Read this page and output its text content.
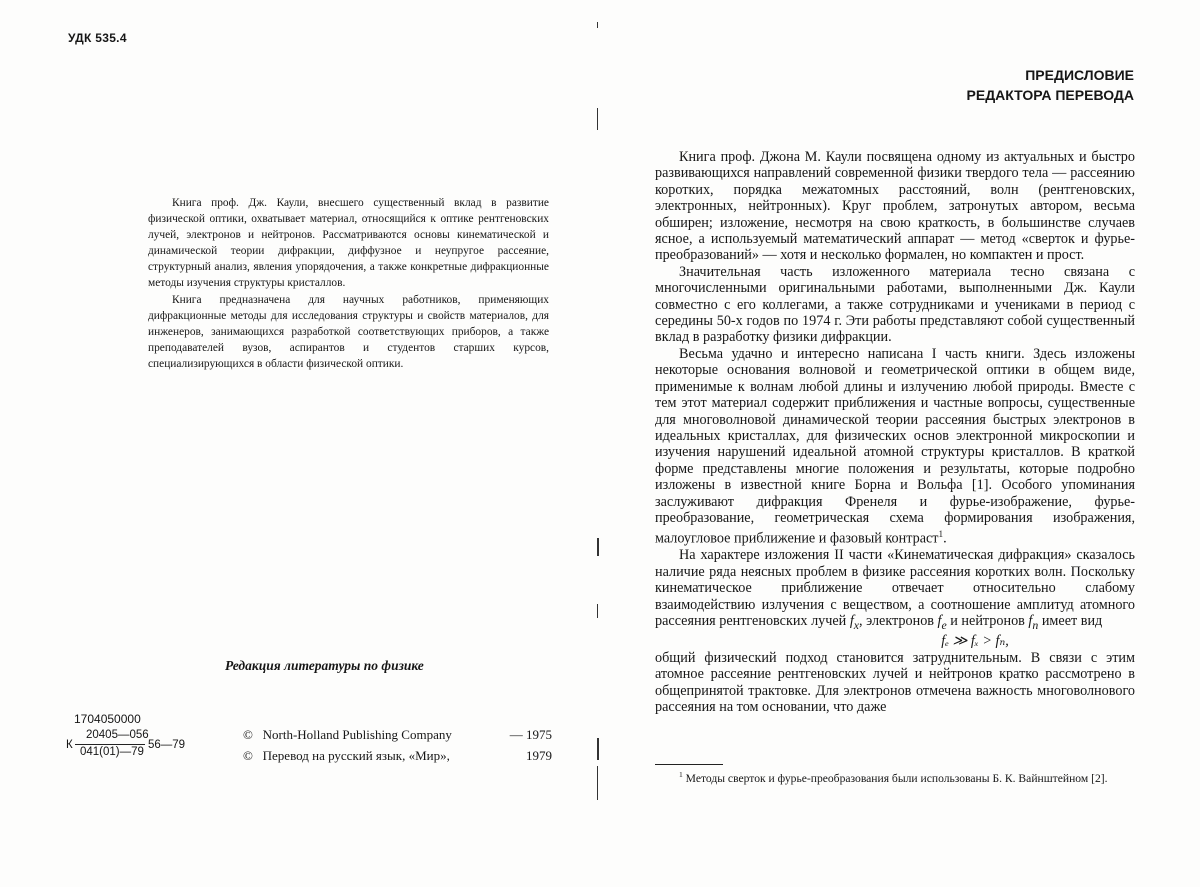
УДК 535.4

Книга проф. Дж. Каули, внесшего существенный вклад в развитие физической оптики, охватывает материал, относящийся к оптике рентгеновских лучей, электронов и нейтронов. Рассматриваются основы кинематической и динамической теории дифракции, диффузное и неупругое рассеяние, структурный анализ, явления упорядочения, а также конкретные дифракционные методы изучения структуры кристаллов.

Книга предназначена для научных работников, применяющих дифракционные методы для исследования структуры и свойств материалов, для инженеров, занимающихся разработкой соответствующих приборов, а также преподавателей вузов, аспирантов и студентов старших курсов, специализирующихся в области физической оптики.

Редакция литературы по физике
1704050000
К
20405—056
041(01)—79
56—79
© North-Holland Publishing Company	— 1975
© Перевод на русский язык, «Мир»,	1979
ПРЕДИСЛОВИЕ
РЕДАКТОРА ПЕРЕВОДА

Книга проф. Джона М. Каули посвящена одному из актуальных и быстро развивающихся направлений современной физики твердого тела — рассеянию коротких, порядка межатомных расстояний, волн (рентгеновских, электронных, нейтронных). Круг проблем, затронутых автором, весьма обширен; изложение, несмотря на свою краткость, в большинстве случаев ясное, а используемый математический аппарат — метод «сверток и фурье-преобразований» — хотя и несколько формален, но компактен и прост.

Значительная часть изложенного материала тесно связана с многочисленными оригинальными работами, выполненными Дж. Каули совместно с его коллегами, а также сотрудниками и учениками в период с середины 50-х годов по 1974 г. Эти работы представляют собой существенный вклад в разработку физики дифракции.

Весьма удачно и интересно написана I часть книги. Здесь изложены некоторые основания волновой и геометрической оптики в общем виде, применимые к волнам любой длины и излучению любой природы. Вместе с тем этот материал содержит приближения и частные вопросы, существенные для многоволновой динамической теории рассеяния быстрых электронов в идеальных кристаллах, для физических основ электронной микроскопии и изучения нарушений идеальной атомной структуры кристаллов. В краткой форме представлены многие положения и результаты, которые подробно изложены в известной книге Борна и Вольфа [1]. Особого упоминания заслуживают дифракция Френеля и фурье-изображение, фурье-преобразование, геометрическая схема формирования изображения, малоугловое приближение и фазовый контраст$^1$.

На характере изложения II части «Кинематическая дифракция» сказалось наличие ряда неясных проблем в физике рассеяния коротких волн. Поскольку кинематическое приближение отвечает относительно слабому взаимодействию излучения с веществом, а соотношение амплитуд атомного рассеяния рентгеновских лучей $f_x$, электронов $f_e$ и нейтронов $f_n$ имеет вид

fₑ ≫ fₓ > fₙ,

общий физический подход становится затруднительным. В связи с этим атомное рассеяние рентгеновских лучей и нейтронов кратко рассмотрено в общепринятой трактовке. Для электронов отмечена важность многоволнового рассеяния на том основании, что даже

$^1$ Методы сверток и фурье-преобразования были использованы Б. К. Вайнштейном [2].
